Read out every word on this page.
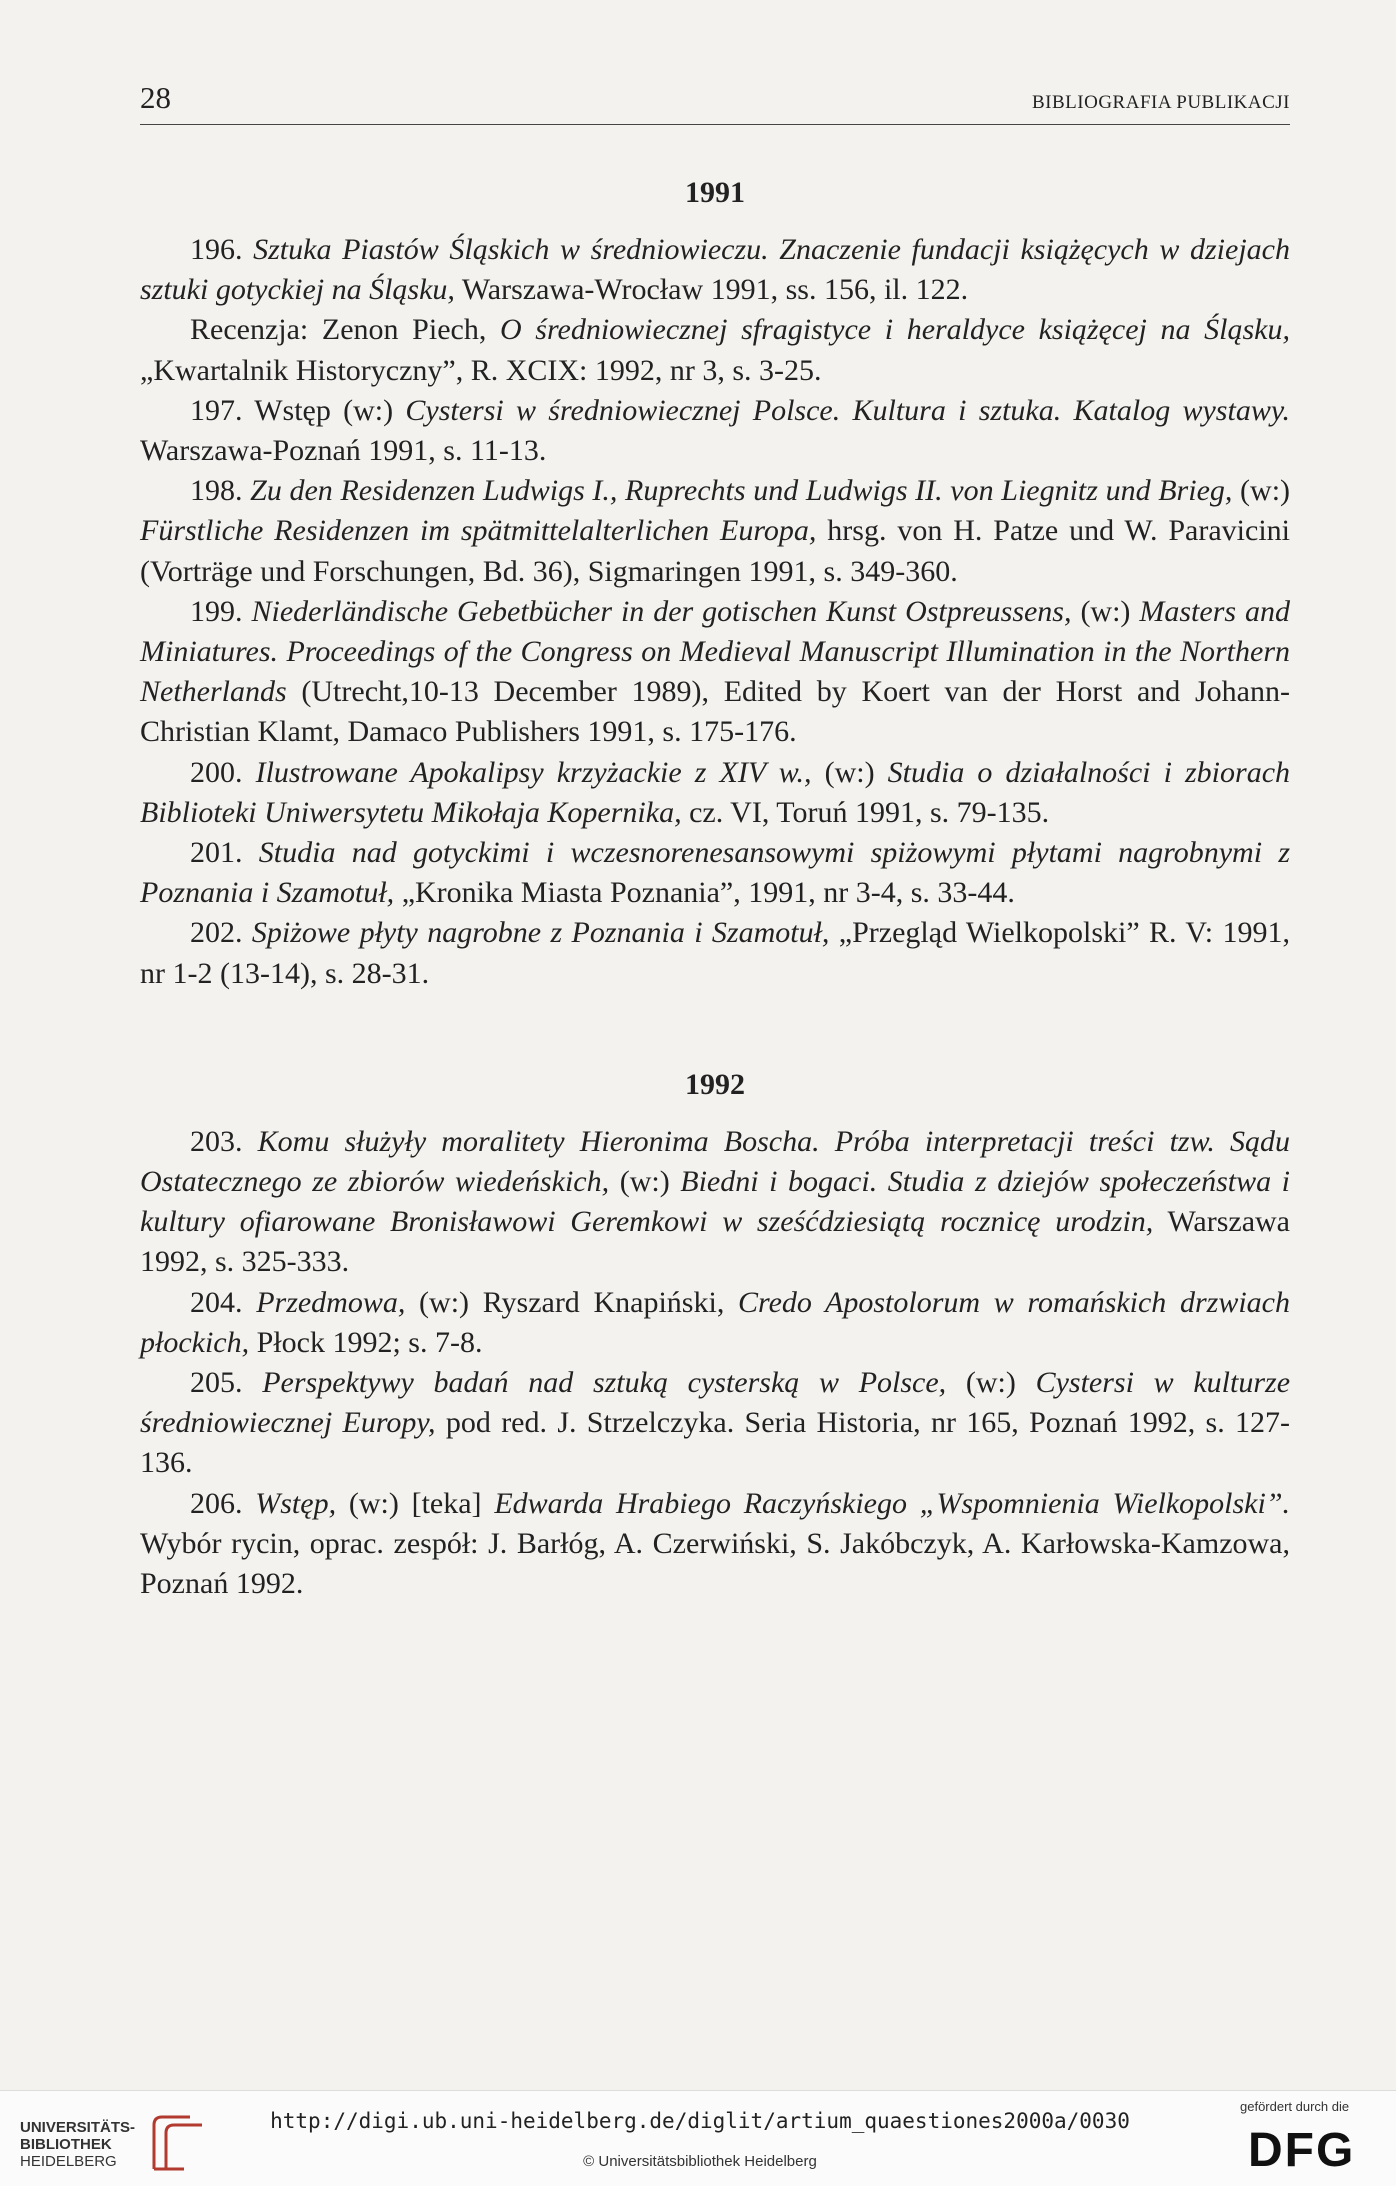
28	BIBLIOGRAFIA PUBLIKACJI
1991

196. Sztuka Piastów Śląskich w średniowieczu. Znaczenie fundacji książęcych w dziejach sztuki gotyckiej na Śląsku, Warszawa-Wrocław 1991, ss. 156, il. 122.

Recenzja: Zenon Piech, O średniowiecznej sfragistyce i heraldyce książęcej na Śląsku, „Kwartalnik Historyczny”, R. XCIX: 1992, nr 3, s. 3-25.

197. Wstęp (w:) Cystersi w średniowiecznej Polsce. Kultura i sztuka. Katalog wystawy. Warszawa-Poznań 1991, s. 11-13.

198. Zu den Residenzen Ludwigs I., Ruprechts und Ludwigs II. von Liegnitz und Brieg, (w:) Fürstliche Residenzen im spätmittelalterlichen Europa, hrsg. von H. Patze und W. Paravicini (Vorträge und Forschungen, Bd. 36), Sigmaringen 1991, s. 349-360.

199. Niederländische Gebetbücher in der gotischen Kunst Ostpreussens, (w:) Masters and Miniatures. Proceedings of the Congress on Medieval Manuscript Illumination in the Northern Netherlands (Utrecht,10-13 December 1989), Edited by Koert van der Horst and Johann-Christian Klamt, Damaco Publishers 1991, s. 175-176.

200. Ilustrowane Apokalipsy krzyżackie z XIV w., (w:) Studia o działalności i zbiorach Biblioteki Uniwersytetu Mikołaja Kopernika, cz. VI, Toruń 1991, s. 79-135.

201. Studia nad gotyckimi i wczesnorenesansowymi spiżowymi płytami nagrobnymi z Poznania i Szamotuł, „Kronika Miasta Poznania”, 1991, nr 3-4, s. 33-44.

202. Spiżowe płyty nagrobne z Poznania i Szamotuł, „Przegląd Wielkopolski” R. V: 1991, nr 1-2 (13-14), s. 28-31.

1992

203. Komu służyły moralitety Hieronima Boscha. Próba interpretacji treści tzw. Sądu Ostatecznego ze zbiorów wiedeńskich, (w:) Biedni i bogaci. Studia z dziejów społeczeństwa i kultury ofiarowane Bronisławowi Geremkowi w sześćdziesiątą rocznicę urodzin, Warszawa 1992, s. 325-333.

204. Przedmowa, (w:) Ryszard Knapiński, Credo Apostolorum w romańskich drzwiach płockich, Płock 1992; s. 7-8.

205. Perspektywy badań nad sztuką cysterską w Polsce, (w:) Cystersi w kulturze średniowiecznej Europy, pod red. J. Strzelczyka. Seria Historia, nr 165, Poznań 1992, s. 127-136.

206. Wstęp, (w:) [teka] Edwarda Hrabiego Raczyńskiego „Wspomnienia Wielkopolski”. Wybór rycin, oprac. zespół: J. Barłóg, A. Czerwiński, S. Jakóbczyk, A. Karłowska-Kamzowa, Poznań 1992.

UNIVERSITÄTS-
BIBLIOTHEK
HEIDELBERG
http://digi.ub.uni-heidelberg.de/diglit/artium_quaestiones2000a/0030
© Universitätsbibliothek Heidelberg
gefördert durch die
DFG
